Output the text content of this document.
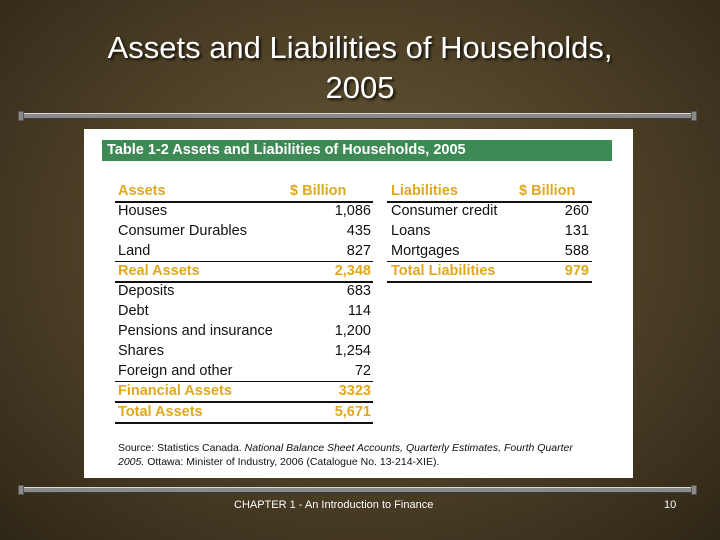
Assets and Liabilities of Households,
2005
Table 1-2 Assets and Liabilities of Households, 2005
Assets	$ Billion	Liabilities	$ Billion
Houses	1,086 Consumer credit	260
Consumer Durables	435 Loans	131
Land	827 Mortgages	588
Real Assets	2,348 Total Liabilities	979
Deposits	683
Debt	114
Pensions and insurance	1,200
Shares	1,254
Foreign and other	72
Financial Assets	3323
Total Assets	5,671
Source: Statistics Canada. National Balance Sheet Accounts, Quarterly Estimates, Fourth Quarter 2005. Ottawa: Minister of Industry, 2006 (Catalogue No. 13-214-XIE).
CHAPTER 1 - An Introduction to Finance	10
